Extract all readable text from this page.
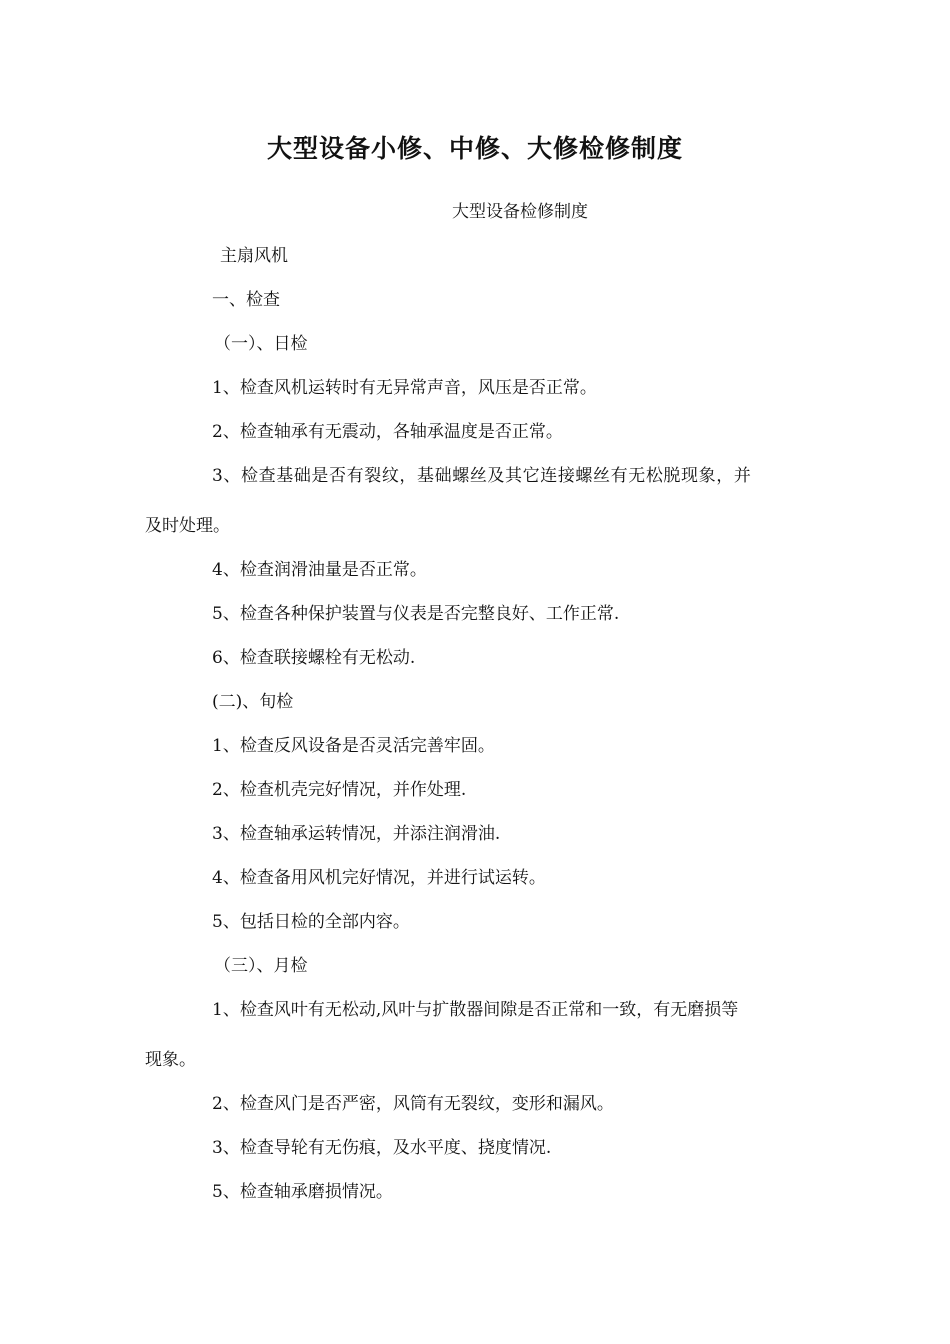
大型设备小修、中修、大修检修制度
大型设备检修制度
主扇风机
一、检查
（一）、日检
1、检查风机运转时有无异常声音，风压是否正常。
2、检查轴承有无震动，各轴承温度是否正常。
3、检查基础是否有裂纹，基础螺丝及其它连接螺丝有无松脱现象，并
及时处理。
4、检查润滑油量是否正常。
5、检查各种保护装置与仪表是否完整良好、工作正常.
6、检查联接螺栓有无松动.
(二)、旬检
1、检查反风设备是否灵活完善牢固。
2、检查机壳完好情况，并作处理.
3、检查轴承运转情况，并添注润滑油.
4、检查备用风机完好情况，并进行试运转。
5、包括日检的全部内容。
（三）、月检
1、检查风叶有无松动,风叶与扩散器间隙是否正常和一致，有无磨损等
现象。
2、检查风门是否严密，风筒有无裂纹，变形和漏风。
3、检查导轮有无伤痕，及水平度、挠度情况.
5、检查轴承磨损情况。
